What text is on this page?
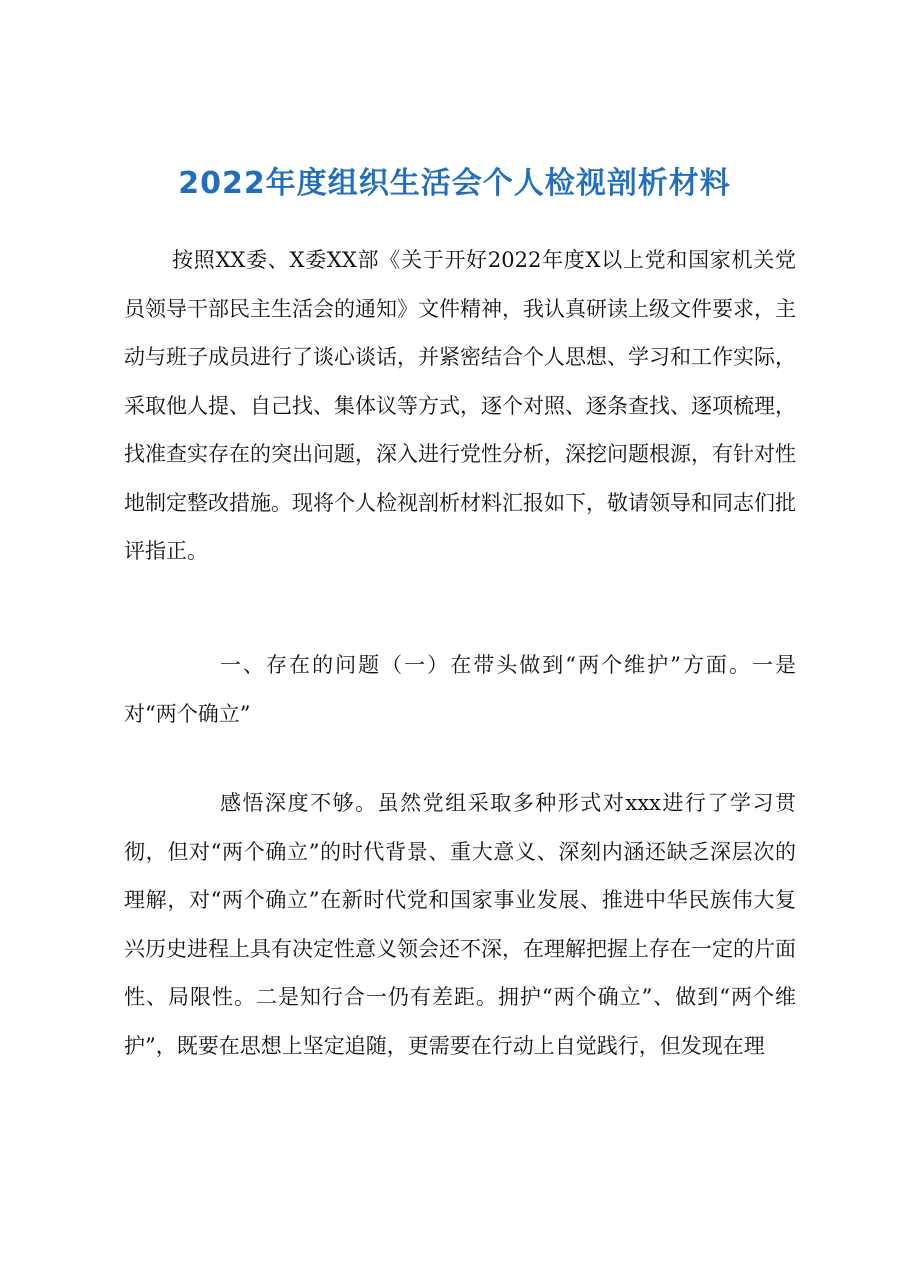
2022年度组织生活会个人检视剖析材料

按照XX委、X委XX部《关于开好2022年度X以上党和国家机关党员领导干部民主生活会的通知》文件精神，我认真研读上级文件要求，主动与班子成员进行了谈心谈话，并紧密结合个人思想、学习和工作实际，采取他人提、自己找、集体议等方式，逐个对照、逐条查找、逐项梳理，找准查实存在的突出问题，深入进行党性分析，深挖问题根源，有针对性地制定整改措施。现将个人检视剖析材料汇报如下，敬请领导和同志们批评指正。

一、存在的问题（一）在带头做到“两个维护”方面。一是对“两个确立”

感悟深度不够。虽然党组采取多种形式对xxx进行了学习贯彻，但对“两个确立”的时代背景、重大意义、深刻内涵还缺乏深层次的理解，对“两个确立”在新时代党和国家事业发展、推进中华民族伟大复兴历史进程上具有决定性意义领会还不深，在理解把握上存在一定的片面性、局限性。二是知行合一仍有差距。拥护“两个确立”、做到“两个维护”，既要在思想上坚定追随，更需要在行动上自觉践行，但发现在理
